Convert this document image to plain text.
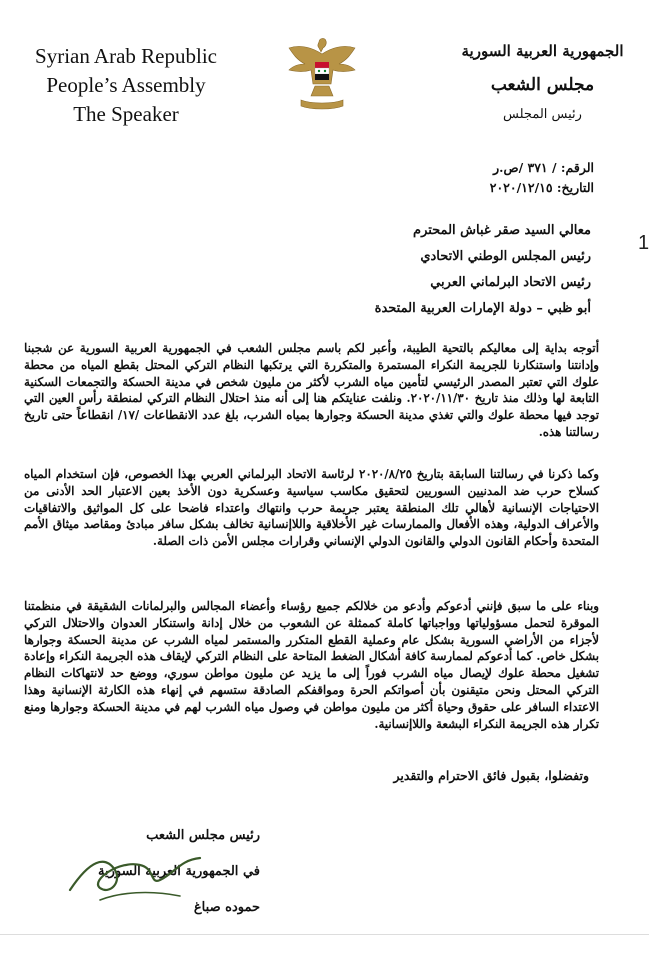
Syrian Arab Republic
People’s Assembly
The Speaker
الجمهورية العربية السورية
مجلس الشعب
رئيس المجلس
الرقم: / ٣٧١ /ص.ر
التاريخ: ٢٠٢٠/١٢/١٥
معالي السيد صقر غباش المحترم
رئيس المجلس الوطني الاتحادي
رئيس الاتحاد البرلماني العربي
أبو ظبي – دولة الإمارات العربية المتحدة
1
أتوجه بداية إلى معاليكم بالتحية الطيبة، وأعبر لكم باسم مجلس الشعب في الجمهورية العربية السورية عن شجبنا وإدانتنا واستنكارنا للجريمة النكراء المستمرة والمتكررة التي يرتكبها النظام التركي المحتل بقطع المياه من محطة علوك التي تعتبر المصدر الرئيسي لتأمين مياه الشرب لأكثر من مليون شخص في مدينة الحسكة والتجمعات السكنية التابعة لها وذلك منذ تاريخ ٢٠٢٠/١١/٣٠. ونلفت عنايتكم هنا إلى أنه منذ احتلال النظام التركي لمنطقة رأس العين التي توجد فيها محطة علوك والتي تغذي مدينة الحسكة وجوارها بمياه الشرب، بلغ عدد الانقطاعات /١٧/ انقطاعاً حتى تاريخ رسالتنا هذه.
وكما ذكرنا في رسالتنا السابقة بتاريخ ٢٠٢٠/٨/٢٥ لرئاسة الاتحاد البرلماني العربي بهذا الخصوص، فإن استخدام المياه كسلاح حرب ضد المدنيين السوريين لتحقيق مكاسب سياسية وعسكرية دون الأخذ بعين الاعتبار الحد الأدنى من الاحتياجات الإنسانية لأهالي تلك المنطقة يعتبر جريمة حرب وانتهاك واعتداء فاضحا على كل المواثيق والاتفاقيات والأعراف الدولية، وهذه الأفعال والممارسات غير الأخلاقية واللاإنسانية تخالف بشكل سافر مبادئ ومقاصد ميثاق الأمم المتحدة وأحكام القانون الدولي والقانون الدولي الإنساني وقرارات مجلس الأمن ذات الصلة.
وبناء على ما سبق فإنني أدعوكم وأدعو من خلالكم جميع رؤساء وأعضاء المجالس والبرلمانات الشقيقة في منظمتنا الموقرة لتحمل مسؤولياتها وواجباتها كاملة كممثلة عن الشعوب من خلال إدانة واستنكار العدوان والاحتلال التركي لأجزاء من الأراضي السورية بشكل عام وعملية القطع المتكرر والمستمر لمياه الشرب عن مدينة الحسكة وجوارها بشكل خاص. كما أدعوكم لممارسة كافة أشكال الضغط المتاحة على النظام التركي لإيقاف هذه الجريمة النكراء وإعادة تشغيل محطة علوك لإيصال مياه الشرب فوراً إلى ما يزيد عن مليون مواطن سوري، ووضع حد لانتهاكات النظام التركي المحتل ونحن متيقنون بأن أصواتكم الحرة ومواقفكم الصادقة ستسهم في إنهاء هذه الكارثة الإنسانية وهذا الاعتداء السافر على حقوق وحياة أكثر من مليون مواطن في وصول مياه الشرب لهم في مدينة الحسكة وجوارها ومنع تكرار هذه الجريمة النكراء البشعة واللاإنسانية.
وتفضلوا، بقبول فائق الاحترام والتقدير
رئيس مجلس الشعب
في الجمهورية العربية السورية
حموده صباغ
